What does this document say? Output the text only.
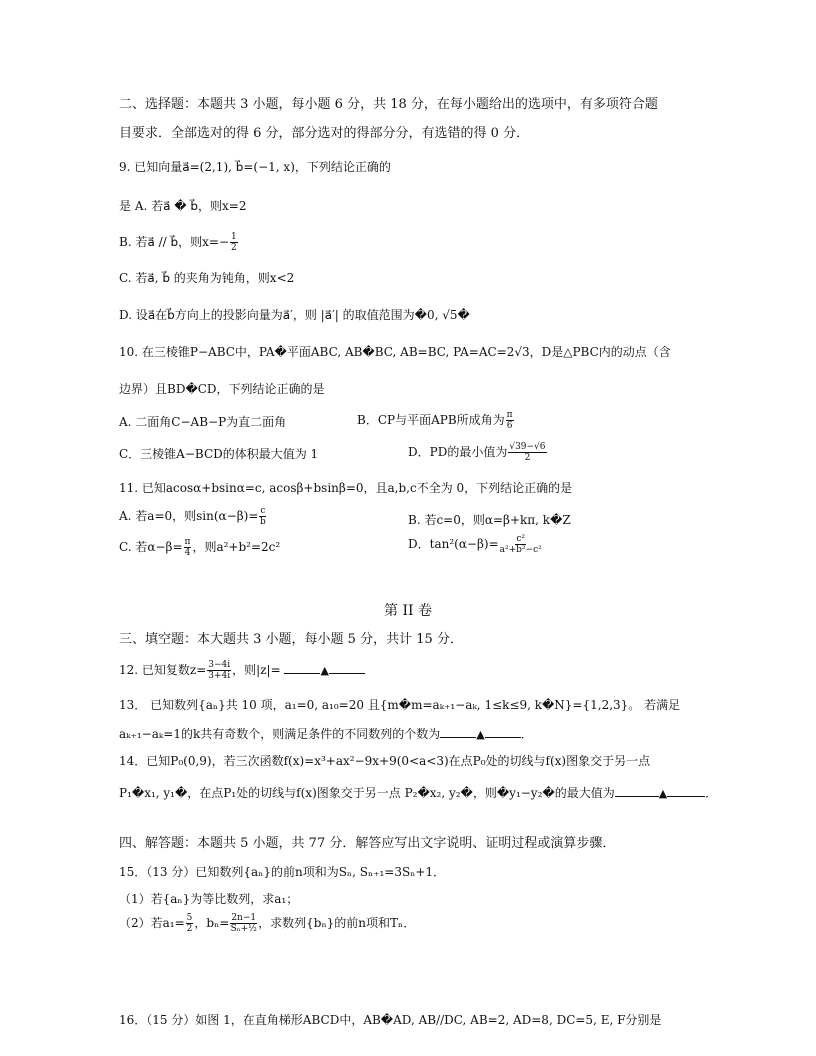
二、选择题：本题共 3 小题，每小题 6 分，共 18 分，在每小题给出的选项中，有多项符合题
目要求．全部选对的得 6 分，部分选对的得部分分，有选错的得 0 分．
9. 已知向量a⃗=(2,1), b⃗=(−1, x)，下列结论正确的
是 A. 若a⃗ � b⃗，则x=2
B. 若a⃗ // b⃗，则$x=- \frac{1}{2}$
C. 若a⃗, b⃗ 的夹角为钝角，则x<2
D. 设a⃗在b⃗方向上的投影向量为a⃗′，则 |a⃗′| 的取值范围为�0, √5�
10. 在三棱锥P−ABC中，PA�平面ABC, AB�BC, AB=BC, PA=AC=2√3，D是△PBC内的动点（含
边界）且BD�CD，下列结论正确的是
A. 二面角C−AB−P为直二面角	B．CP与平面APB所成角为 $\frac{\pi}{6}$
C．三棱锥A−BCD的体积最大值为 1	D．PD的最小值为 $\frac{√39-√6}{2}$
11. 已知acosα+bsinα=c, acosβ+bsinβ=0，且a,b,c不全为 0，下列结论正确的是
A. 若a=0，则$\sin(\alpha-\beta)= \frac{c}{b}$	B. 若c=0，则α=β+kπ, k�Z
C. 若$\alpha-\beta= \frac{\pi}{4}$ ，则a²+b²=2c²	D．$\tan^2(\alpha-\beta)= \frac{\text{c²}}{\text{a²+b²−c²}}$
第 II 卷
三、填空题：本大题共 3 小题，每小题 5 分，共计 15 分．
12. 已知复数$z= \frac{3-4i}{3+4i}$ ，则|z|=	▲
13． 已知数列{aₙ}共 10 项，a₁=0, a₁₀=20 且{m�m=aₖ₊₁−aₖ, 1≤k≤9, k�N}={1,2,3}。 若满足
aₖ₊₁−aₖ=1的k共有奇数个，则满足条件的不同数列的个数为	▲	．
14．已知P₀(0,9)，若三次函数f(x)=x³+ax²−9x+9(0<a<3)在点P₀处的切线与f(x)图象交于另一点
P₁�x₁, y₁�，在点P₁处的切线与f(x)图象交于另一点 P₂�x₂, y₂�，则�y₁−y₂�的最大值为	▲	．
四、解答题：本题共 5 小题，共 77 分．解答应写出文字说明、证明过程或演算步骤．
15．（13 分）已知数列{aₙ}的前n项和为Sₙ, Sₙ₊₁=3Sₙ+1．
（1）若{aₙ}为等比数列，求a₁；
（2）若$a_1= \frac{5}{2}$ ，$b_n= \frac{2n-1}{\text{Sₙ+½}}$ ，求数列{bₙ}的前n项和Tₙ．
16．（15 分）如图 1，在直角梯形ABCD中，AB�AD, AB//DC, AB=2, AD=8, DC=5, E, F分别是
